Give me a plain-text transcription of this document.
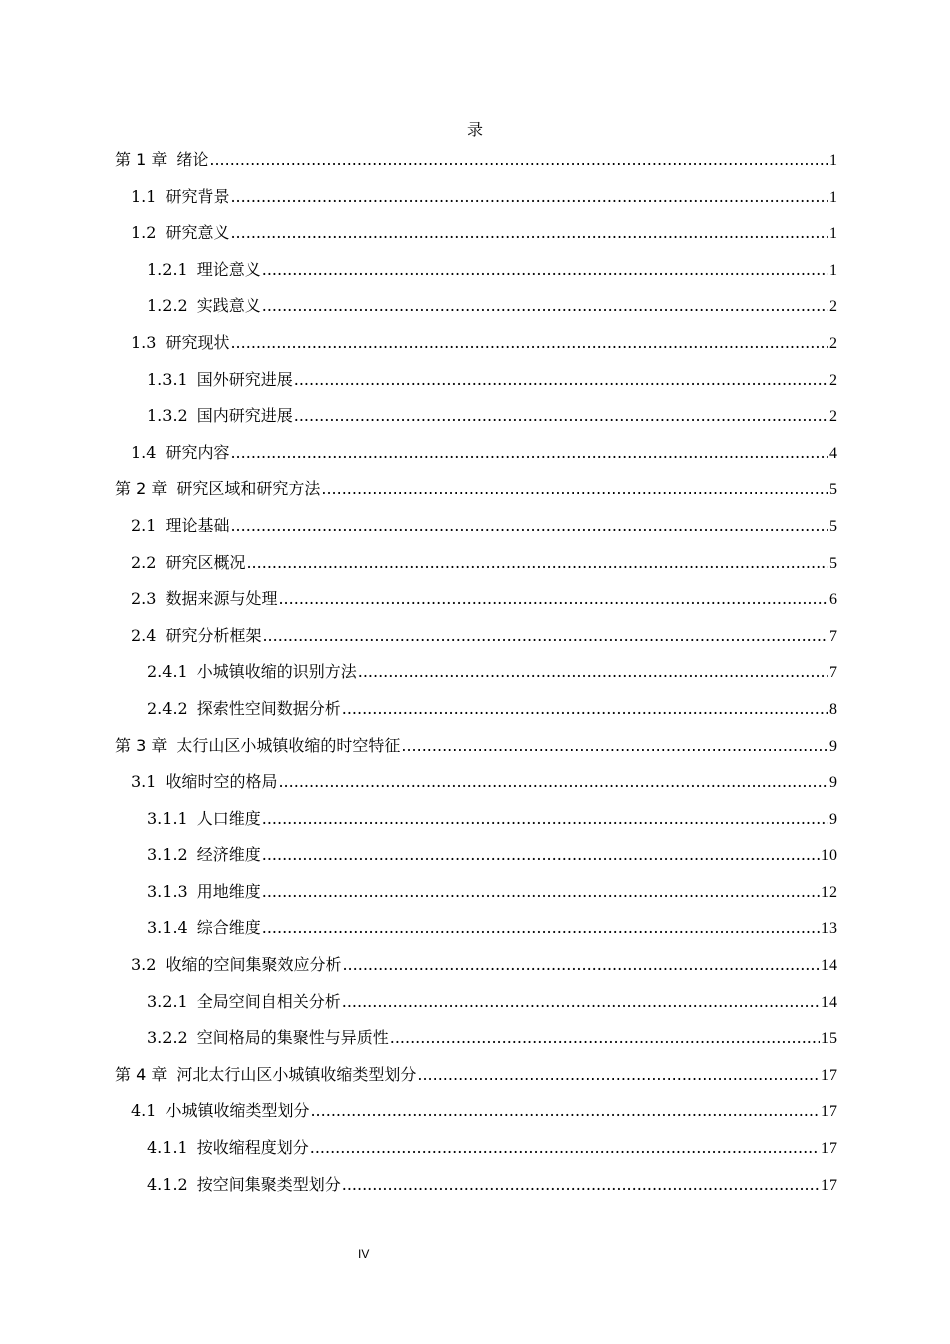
录
第 1 章 绪论 .....	1
1.1 研究背景 .....	1
1.2 研究意义 .....	1
1.2.1 理论意义 .....	1
1.2.2 实践意义 .....	2
1.3 研究现状 .....	2
1.3.1 国外研究进展 .....	2
1.3.2 国内研究进展 .....	2
1.4 研究内容 .....	4
第 2 章 研究区域和研究方法 .....	5
2.1 理论基础 .....	5
2.2 研究区概况 .....	5
2.3 数据来源与处理 .....	6
2.4 研究分析框架 .....	7
2.4.1 小城镇收缩的识别方法 .....	7
2.4.2 探索性空间数据分析 .....	8
第 3 章 太行山区小城镇收缩的时空特征 .....	9
3.1 收缩时空的格局 .....	9
3.1.1 人口维度 .....	9
3.1.2 经济维度 .....	10
3.1.3 用地维度 .....	12
3.1.4 综合维度 .....	13
3.2 收缩的空间集聚效应分析 .....	14
3.2.1 全局空间自相关分析 .....	14
3.2.2 空间格局的集聚性与异质性 .....	15
第 4 章 河北太行山区小城镇收缩类型划分 .....	17
4.1 小城镇收缩类型划分 .....	17
4.1.1 按收缩程度划分 .....	17
4.1.2 按空间集聚类型划分 .....	17
IV
